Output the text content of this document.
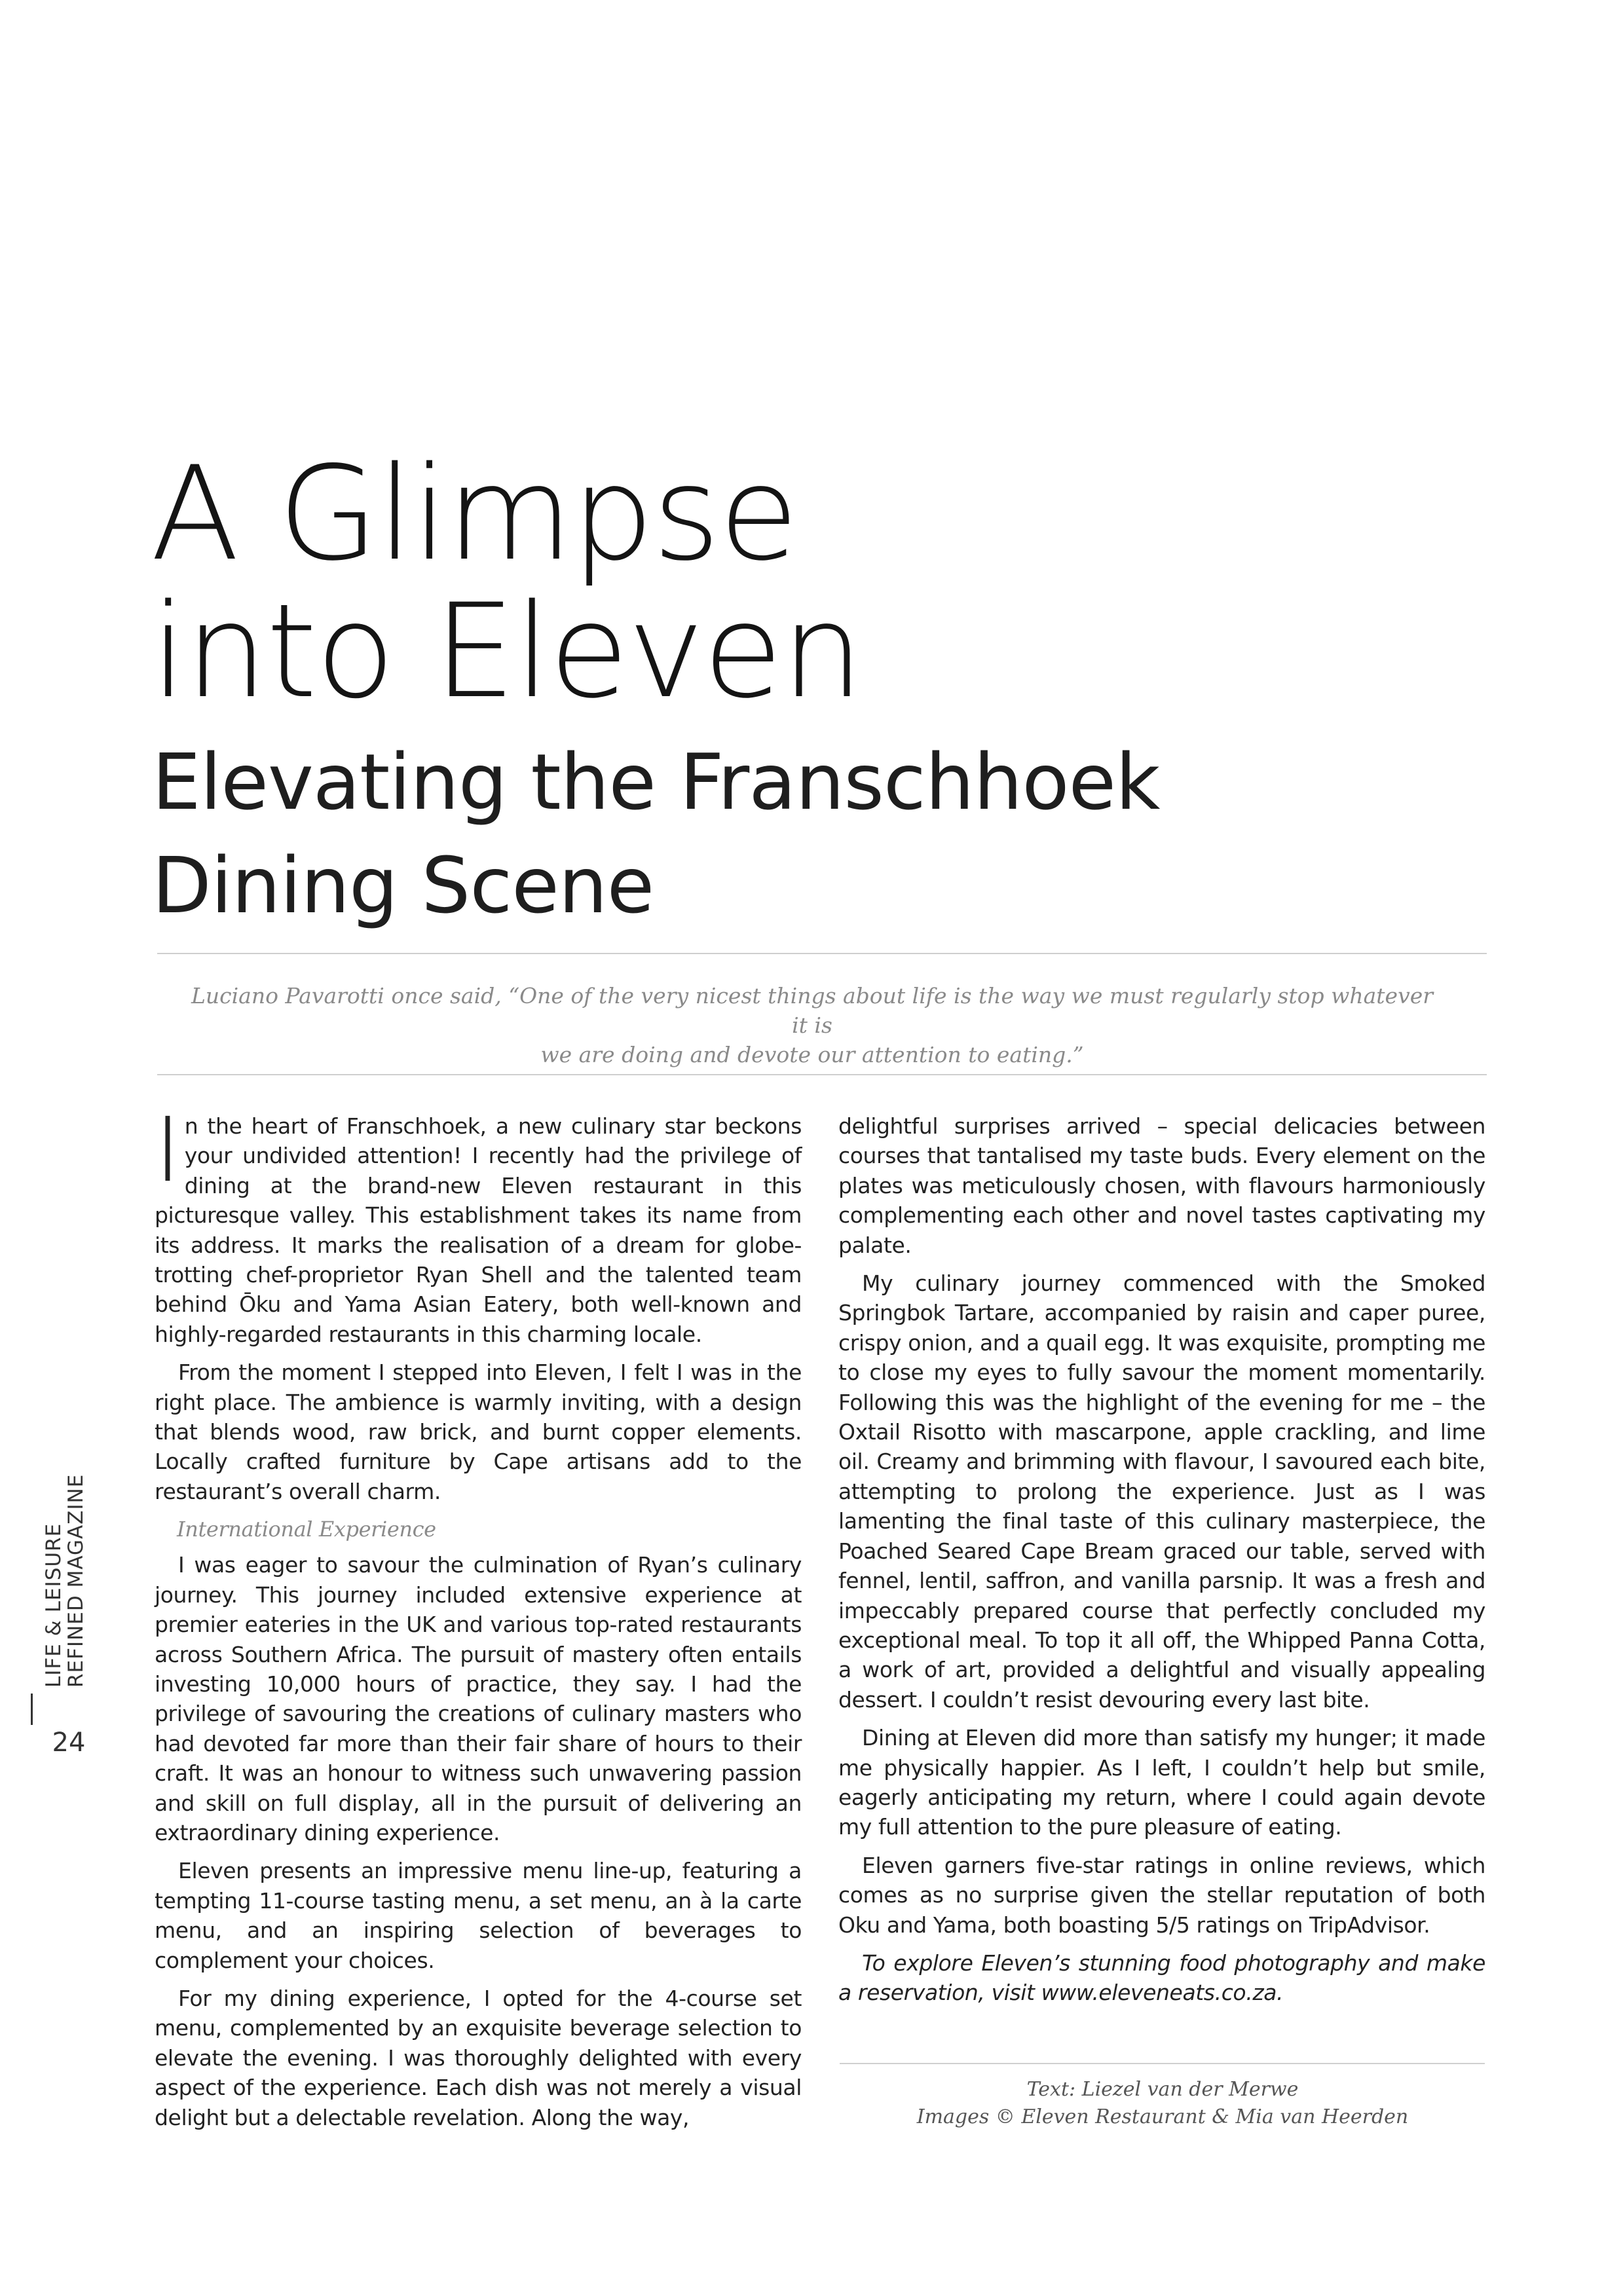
A Glimpse
into Eleven
Elevating the Franschhoek
Dining Scene
Luciano Pavarotti once said, “One of the very nicest things about life is the way we must regularly stop whatever it is
we are doing and devote our attention to eating.”
LIFE & LEISURE
REFINED MAGAZINE
24

In the heart of Franschhoek, a new culinary star beckons your undivided attention! I recently had the privilege of dining at the brand-new Eleven restaurant in this picturesque valley. This establishment takes its name from its address. It marks the realisation of a dream for globe-trotting chef-proprietor Ryan Shell and the talented team behind Ōku and Yama Asian Eatery, both well-known and highly-regarded restaurants in this charming locale.

From the moment I stepped into Eleven, I felt I was in the right place. The ambience is warmly inviting, with a design that blends wood, raw brick, and burnt copper elements. Locally crafted furniture by Cape artisans add to the restaurant’s overall charm.

International Experience

I was eager to savour the culmination of Ryan’s culinary journey. This journey included extensive experience at premier eateries in the UK and various top-rated restaurants across Southern Africa. The pursuit of mastery often entails investing 10,000 hours of practice, they say. I had the privilege of savouring the creations of culinary masters who had devoted far more than their fair share of hours to their craft. It was an honour to witness such unwavering passion and skill on full display, all in the pursuit of delivering an extraordinary dining experience.

Eleven presents an impressive menu line-up, featuring a tempting 11-course tasting menu, a set menu, an à la carte menu, and an inspiring selection of beverages to complement your choices.

For my dining experience, I opted for the 4-course set menu, complemented by an exquisite beverage selection to elevate the evening. I was thoroughly delighted with every aspect of the experience. Each dish was not merely a visual delight but a delectable revelation. Along the way,

delightful surprises arrived – special delicacies between courses that tantalised my taste buds. Every element on the plates was meticulously chosen, with flavours harmoniously complementing each other and novel tastes captivating my palate.

My culinary journey commenced with the Smoked Springbok Tartare, accompanied by raisin and caper puree, crispy onion, and a quail egg. It was exquisite, prompting me to close my eyes to fully savour the moment momentarily. Following this was the highlight of the evening for me – the Oxtail Risotto with mascarpone, apple crackling, and lime oil. Creamy and brimming with flavour, I savoured each bite, attempting to prolong the experience. Just as I was lamenting the final taste of this culinary masterpiece, the Poached Seared Cape Bream graced our table, served with fennel, lentil, saffron, and vanilla parsnip. It was a fresh and impeccably prepared course that perfectly concluded my exceptional meal. To top it all off, the Whipped Panna Cotta, a work of art, provided a delightful and visually appealing dessert. I couldn’t resist devouring every last bite.

Dining at Eleven did more than satisfy my hunger; it made me physically happier. As I left, I couldn’t help but smile, eagerly anticipating my return, where I could again devote my full attention to the pure pleasure of eating.

Eleven garners five-star ratings in online reviews, which comes as no surprise given the stellar reputation of both Oku and Yama, both boasting 5/5 ratings on TripAdvisor.

To explore Eleven’s stunning food photography and make a reservation, visit www.eleveneats.co.za.

Text: Liezel van der Merwe
Images © Eleven Restaurant & Mia van Heerden
